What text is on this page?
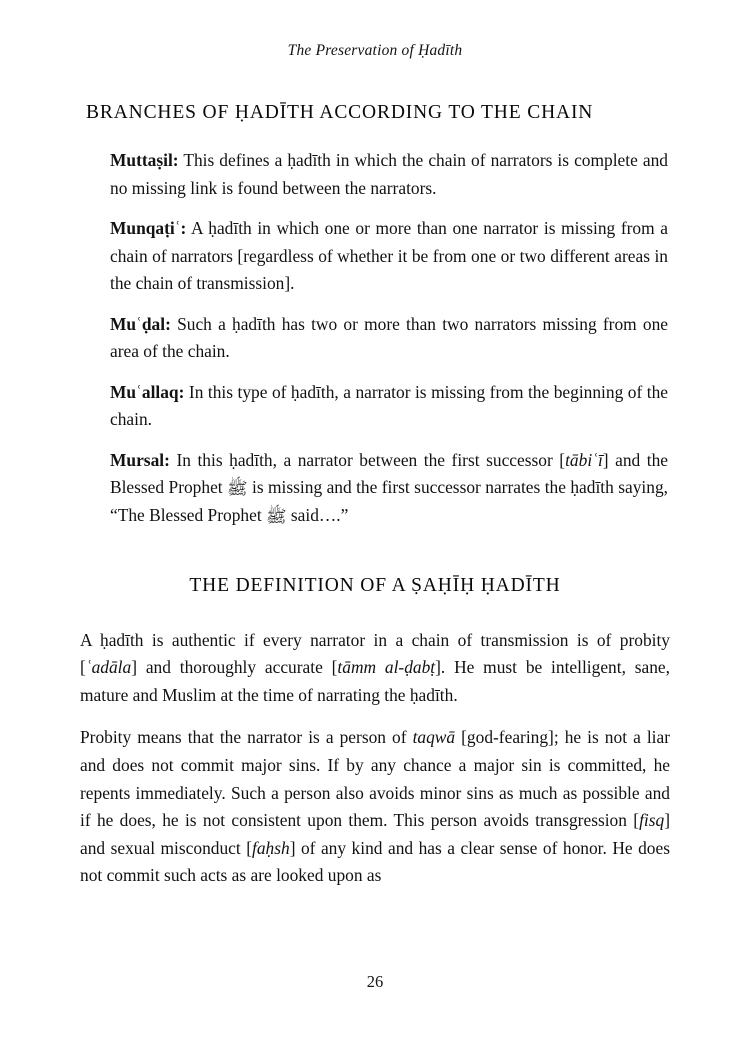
The Preservation of Ḥadīth
BRANCHES OF ḤADĪTH ACCORDING TO THE CHAIN

Muttaṣil: This defines a ḥadīth in which the chain of narrators is complete and no missing link is found between the narrators.

Munqaṭiʿ: A ḥadīth in which one or more than one narrator is missing from a chain of narrators [regardless of whether it be from one or two different areas in the chain of transmission].

Muʿḍal: Such a ḥadīth has two or more than two narrators missing from one area of the chain.

Muʿallaq: In this type of ḥadīth, a narrator is missing from the beginning of the chain.

Mursal: In this ḥadīth, a narrator between the first successor [tābiʿī] and the Blessed Prophet ﷺ is missing and the first successor narrates the ḥadīth saying, “The Blessed Prophet ﷺ said….”

THE DEFINITION OF A ṢAḤĪḤ ḤADĪTH

A ḥadīth is authentic if every narrator in a chain of transmission is of probity [ʿadāla] and thoroughly accurate [tāmm al-ḍabṭ]. He must be intelligent, sane, mature and Muslim at the time of narrating the ḥadīth.

Probity means that the narrator is a person of taqwā [god-fearing]; he is not a liar and does not commit major sins. If by any chance a major sin is committed, he repents immediately. Such a person also avoids minor sins as much as possible and if he does, he is not consistent upon them. This person avoids transgression [fisq] and sexual misconduct [faḥsh] of any kind and has a clear sense of honor. He does not commit such acts as are looked upon as

26
